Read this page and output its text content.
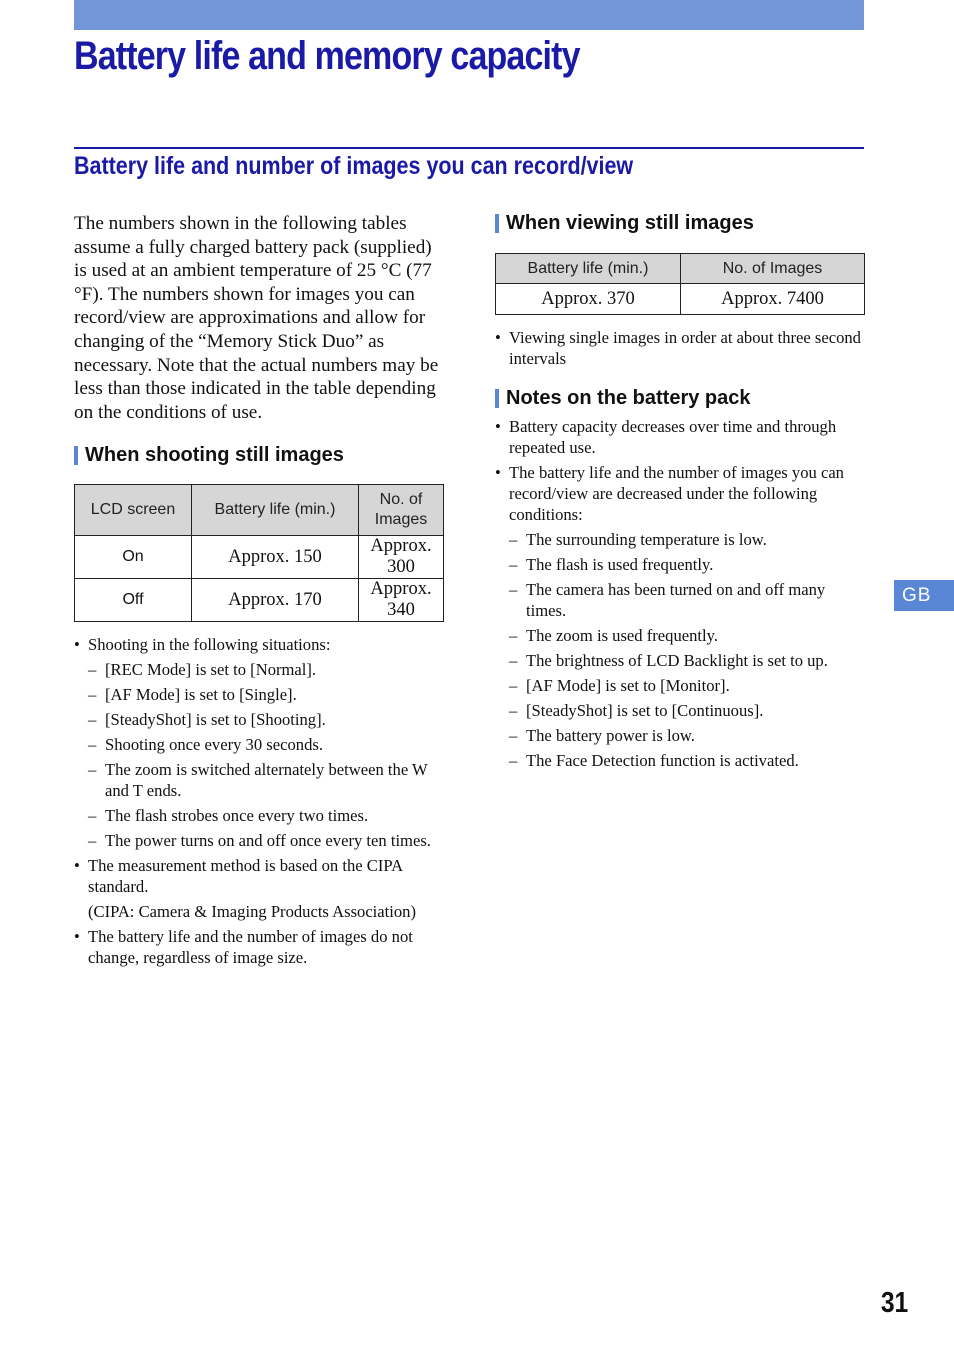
Battery life and memory capacity
Battery life and number of images you can record/view

The numbers shown in the following tables assume a fully charged battery pack (supplied) is used at an ambient temperature of 25 °C (77 °F). The numbers shown for images you can record/view are approximations and allow for changing of the “Memory Stick Duo” as necessary. Note that the actual numbers may be less than those indicated in the table depending on the conditions of use.

When shooting still images
LCD screen	Battery life (min.)	No. of Images
On	Approx. 150	Approx. 300
Off	Approx. 170	Approx. 340
• Shooting in the following situations:
– [REC Mode] is set to [Normal].
– [AF Mode] is set to [Single].
– [SteadyShot] is set to [Shooting].
– Shooting once every 30 seconds.
– The zoom is switched alternately between the W and T ends.
– The flash strobes once every two times.
– The power turns on and off once every ten times.
• The measurement method is based on the CIPA standard.

(CIPA: Camera & Imaging Products Association)

• The battery life and the number of images do not change, regardless of image size.
When viewing still images
Battery life (min.)	No. of Images
Approx. 370	Approx. 7400
• Viewing single images in order at about three second intervals
Notes on the battery pack
• Battery capacity decreases over time and through repeated use.
• The battery life and the number of images you can record/view are decreased under the following conditions:
– The surrounding temperature is low.
– The flash is used frequently.
– The camera has been turned on and off many times.
– The zoom is used frequently.
– The brightness of LCD Backlight is set to up.
– [AF Mode] is set to [Monitor].
– [SteadyShot] is set to [Continuous].
– The battery power is low.
– The Face Detection function is activated.
GB
31
